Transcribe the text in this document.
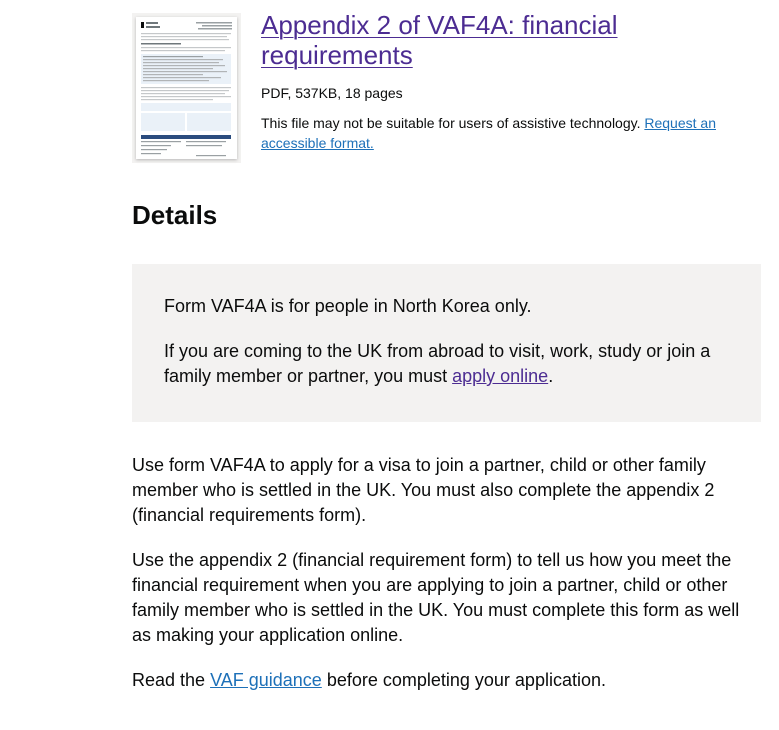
Appendix 2 of VAF4A: financial requirements

PDF, 537KB, 18 pages

This file may not be suitable for users of assistive technology. Request an accessible format.

Details

Form VAF4A is for people in North Korea only.

If you are coming to the UK from abroad to visit, work, study or join a family member or partner, you must apply online.

Use form VAF4A to apply for a visa to join a partner, child or other family member who is settled in the UK. You must also complete the appendix 2 (financial requirements form).

Use the appendix 2 (financial requirement form) to tell us how you meet the financial requirement when you are applying to join a partner, child or other family member who is settled in the UK. You must complete this form as well as making your application online.

Read the VAF guidance before completing your application.
